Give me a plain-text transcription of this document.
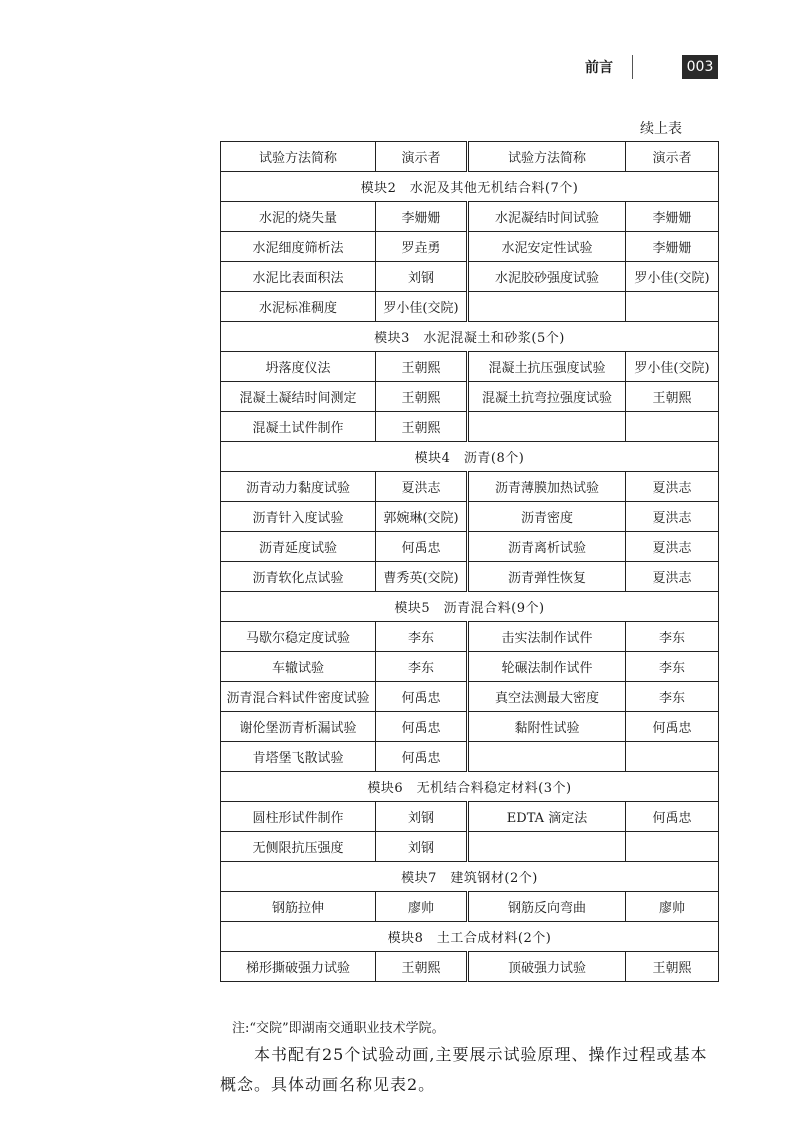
前言	003
续上表
试验方法简称	演示者	试验方法简称	演示者
模块2　水泥及其他无机结合料(7个)			
水泥的烧失量	李姗姗	水泥凝结时间试验	李姗姗
水泥细度筛析法	罗垚勇	水泥安定性试验	李姗姗
水泥比表面积法	刘钢	水泥胶砂强度试验	罗小佳(交院)
水泥标准稠度	罗小佳(交院)		
模块3　水泥混凝土和砂浆(5个)			
坍落度仪法	王朝熙	混凝土抗压强度试验	罗小佳(交院)
混凝土凝结时间测定	王朝熙	混凝土抗弯拉强度试验	王朝熙
混凝土试件制作	王朝熙		
模块4　沥青(8个)			
沥青动力黏度试验	夏洪志	沥青薄膜加热试验	夏洪志
沥青针入度试验	郭婉琳(交院)	沥青密度	夏洪志
沥青延度试验	何禹忠	沥青离析试验	夏洪志
沥青软化点试验	曹秀英(交院)	沥青弹性恢复	夏洪志
模块5　沥青混合料(9个)			
马歇尔稳定度试验	李东	击实法制作试件	李东
车辙试验	李东	轮碾法制作试件	李东
沥青混合料试件密度试验	何禹忠	真空法测最大密度	李东
谢伦堡沥青析漏试验	何禹忠	黏附性试验	何禹忠
肯塔堡飞散试验	何禹忠		
模块6　无机结合料稳定材料(3个)			
圆柱形试件制作	刘钢	EDTA 滴定法	何禹忠
无侧限抗压强度	刘钢		
模块7　建筑钢材(2个)			
钢筋拉伸	廖帅	钢筋反向弯曲	廖帅
模块8　土工合成材料(2个)			
梯形撕破强力试验	王朝熙	顶破强力试验	王朝熙
注:“交院”即湖南交通职业技术学院。

本书配有25个试验动画,主要展示试验原理、操作过程或基本

概念。具体动画名称见表2。
